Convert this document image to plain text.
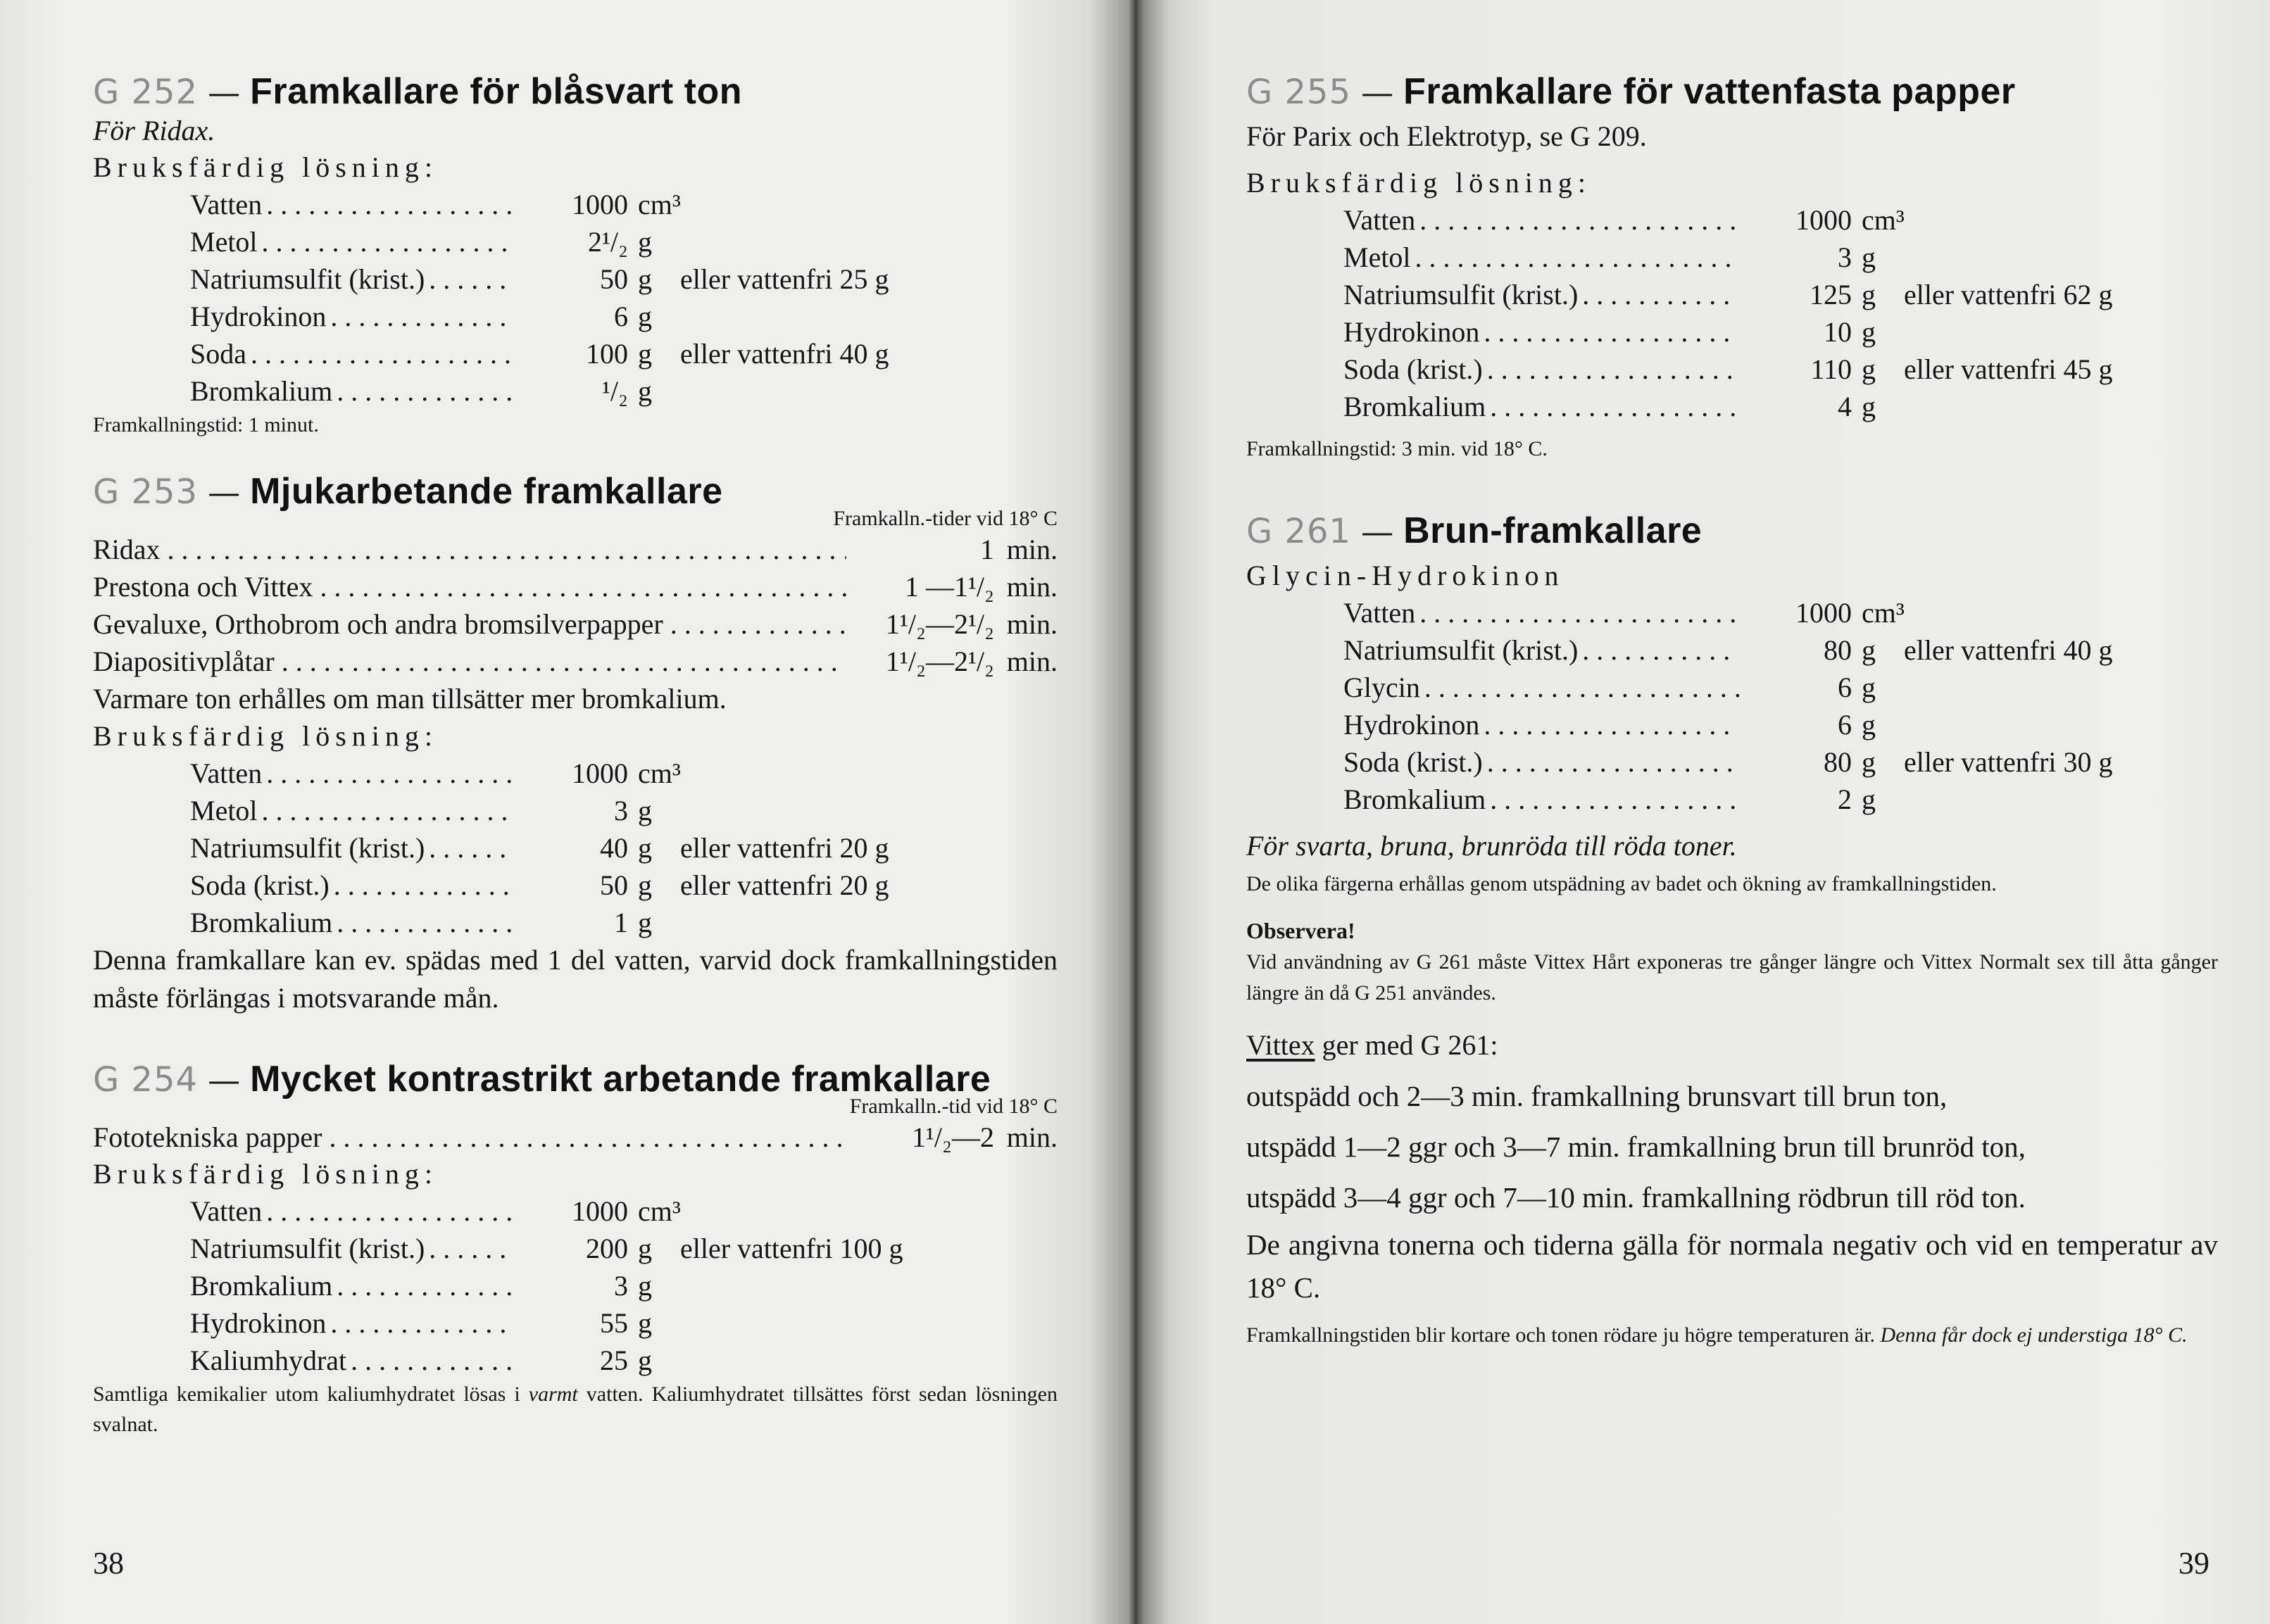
G 252 — Framkallare för blåsvart ton
För Ridax.
Bruksfärdig lösning:
Vatten . . .	1000 cm³
Metol . . .	2¹/₂ g
Natriumsulfit (krist.) . . .	50 g	eller vattenfri 25 g
Hydrokinon . . .	6 g
Soda . . .	100 g	eller vattenfri 40 g
Bromkalium . . .	¹/₂ g
Framkallningstid: 1 minut.
G 253 — Mjukarbetande framkallare
Framkalln.-tider vid 18° C
Ridax . . .	1 min.
Prestona och Vittex . . .	1 —1¹/₂ min.
Gevaluxe, Orthobrom och andra bromsilverpapper . . .	1¹/₂—2¹/₂ min.
Diapositivplåtar . . .	1¹/₂—2¹/₂ min.
Varmare ton erhålles om man tillsätter mer bromkalium.
Bruksfärdig lösning:
Vatten . . .	1000 cm³
Metol . . .	3 g
Natriumsulfit (krist.) . . .	40 g	eller vattenfri 20 g
Soda (krist.) . . .	50 g	eller vattenfri 20 g
Bromkalium . . .	1 g
Denna framkallare kan ev. spädas med 1 del vatten, varvid dock framkallningstiden måste förlängas i motsvarande mån.
G 254 — Mycket kontrastrikt arbetande framkallare
Framkalln.-tid vid 18° C
Fototekniska papper . . .	1¹/₂—2 min.
Bruksfärdig lösning:
Vatten . . .	1000 cm³
Natriumsulfit (krist.) . . .	200 g	eller vattenfri 100 g
Bromkalium . . .	3 g
Hydrokinon . . .	55 g
Kaliumhydrat . . .	25 g
Samtliga kemikalier utom kaliumhydratet lösas i varmt vatten. Kaliumhydratet tillsättes först sedan lösningen svalnat.
38
G 255 — Framkallare för vattenfasta papper
För Parix och Elektrotyp, se G 209.
Bruksfärdig lösning:
Vatten . . .	1000 cm³
Metol . . .	3 g
Natriumsulfit (krist.) . . .	125 g	eller vattenfri 62 g
Hydrokinon . . .	10 g
Soda (krist.) . . .	110 g	eller vattenfri 45 g
Bromkalium . . .	4 g
Framkallningstid: 3 min. vid 18° C.
G 261 — Brun-framkallare
Glycin-Hydrokinon
Vatten . . .	1000 cm³
Natriumsulfit (krist.) . . .	80 g	eller vattenfri 40 g
Glycin . . .	6 g
Hydrokinon . . .	6 g
Soda (krist.) . . .	80 g	eller vattenfri 30 g
Bromkalium . . .	2 g
För svarta, bruna, brunröda till röda toner.
De olika färgerna erhållas genom utspädning av badet och ökning av framkallningstiden.
Observera!
Vid användning av G 261 måste Vittex Hårt exponeras tre gånger längre och Vittex Normalt sex till åtta gånger längre än då G 251 användes.
Vittex ger med G 261:
outspädd och 2—3 min. framkallning brunsvart till brun ton,
utspädd 1—2 ggr och 3—7 min. framkallning brun till brunröd ton,
utspädd 3—4 ggr och 7—10 min. framkallning rödbrun till röd ton.
De angivna tonerna och tiderna gälla för normala negativ och vid en temperatur av 18° C.
Framkallningstiden blir kortare och tonen rödare ju högre temperaturen är. Denna får dock ej understiga 18° C.
39
